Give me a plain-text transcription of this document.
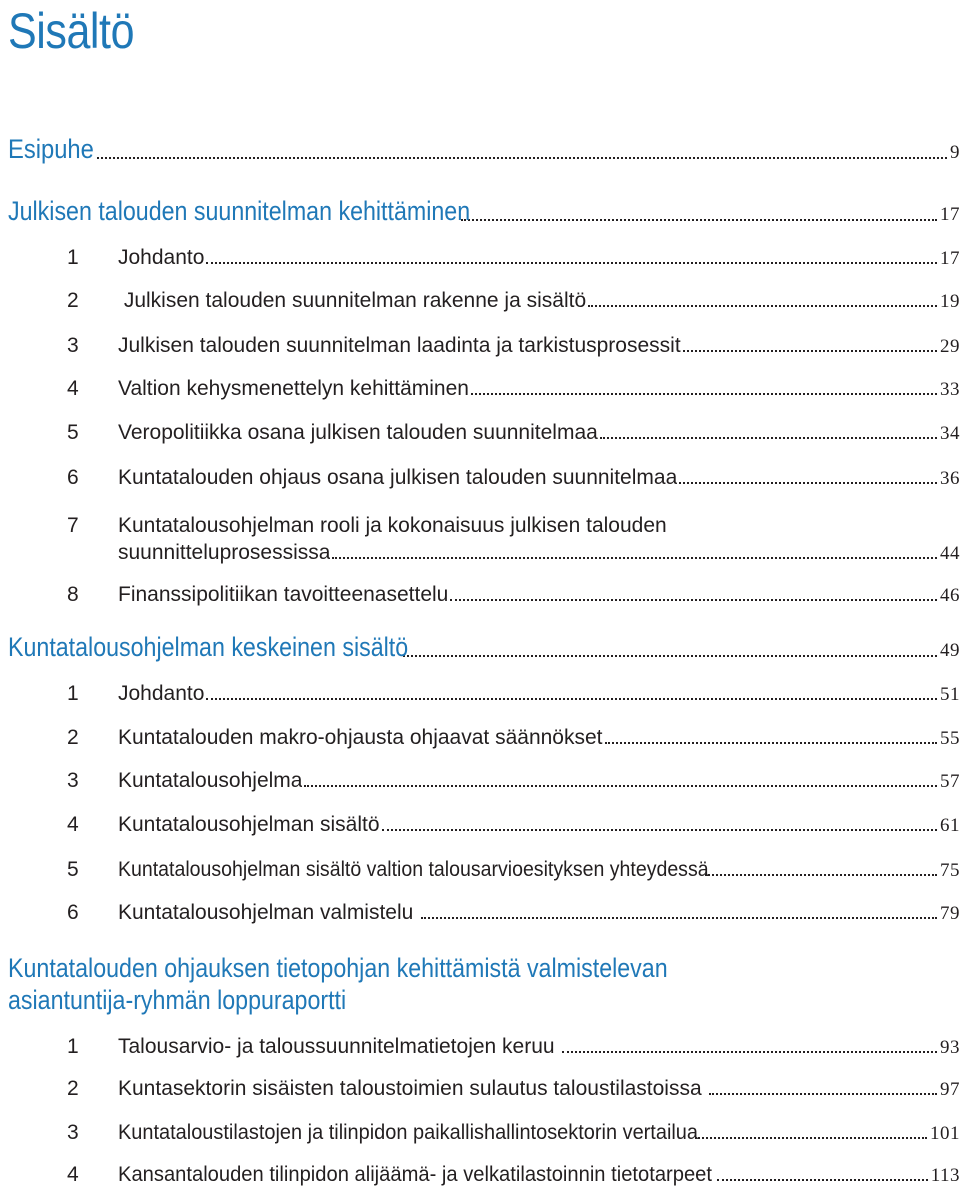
Sisältö
Esipuhe	9
Julkisen talouden suunnitelman kehittäminen	17
1 Johdanto	17
2 Julkisen talouden suunnitelman rakenne ja sisältö	19
3 Julkisen talouden suunnitelman laadinta ja tarkistusprosessit	29
4 Valtion kehysmenettelyn kehittäminen	33
5 Veropolitiikka osana julkisen talouden suunnitelmaa	34
6 Kuntatalouden ohjaus osana julkisen talouden suunnitelmaa	36
7 Kuntatalousohjelman rooli ja kokonaisuus julkisen talouden
suunnitteluprosessissa	44
8 Finanssipolitiikan tavoitteenasettelu	46
Kuntatalousohjelman keskeinen sisältö	49
1 Johdanto	51
2 Kuntatalouden makro-ohjausta ohjaavat säännökset	55
3 Kuntatalousohjelma	57
4 Kuntatalousohjelman sisältö	61
5 Kuntatalousohjelman sisältö valtion talousarvioesityksen yhteydessä	75
6 Kuntatalousohjelman valmistelu	79
Kuntatalouden ohjauksen tietopohjan kehittämistä valmistelevan
asiantuntija-ryhmän loppuraportti
1 Talousarvio- ja taloussuunnitelmatietojen keruu	93
2 Kuntasektorin sisäisten taloustoimien sulautus taloustilastoissa	97
3 Kuntataloustilastojen ja tilinpidon paikallishallintosektorin vertailua	101
4 Kansantalouden tilinpidon alijäämä- ja velkatilastoinnin tietotarpeet	113
